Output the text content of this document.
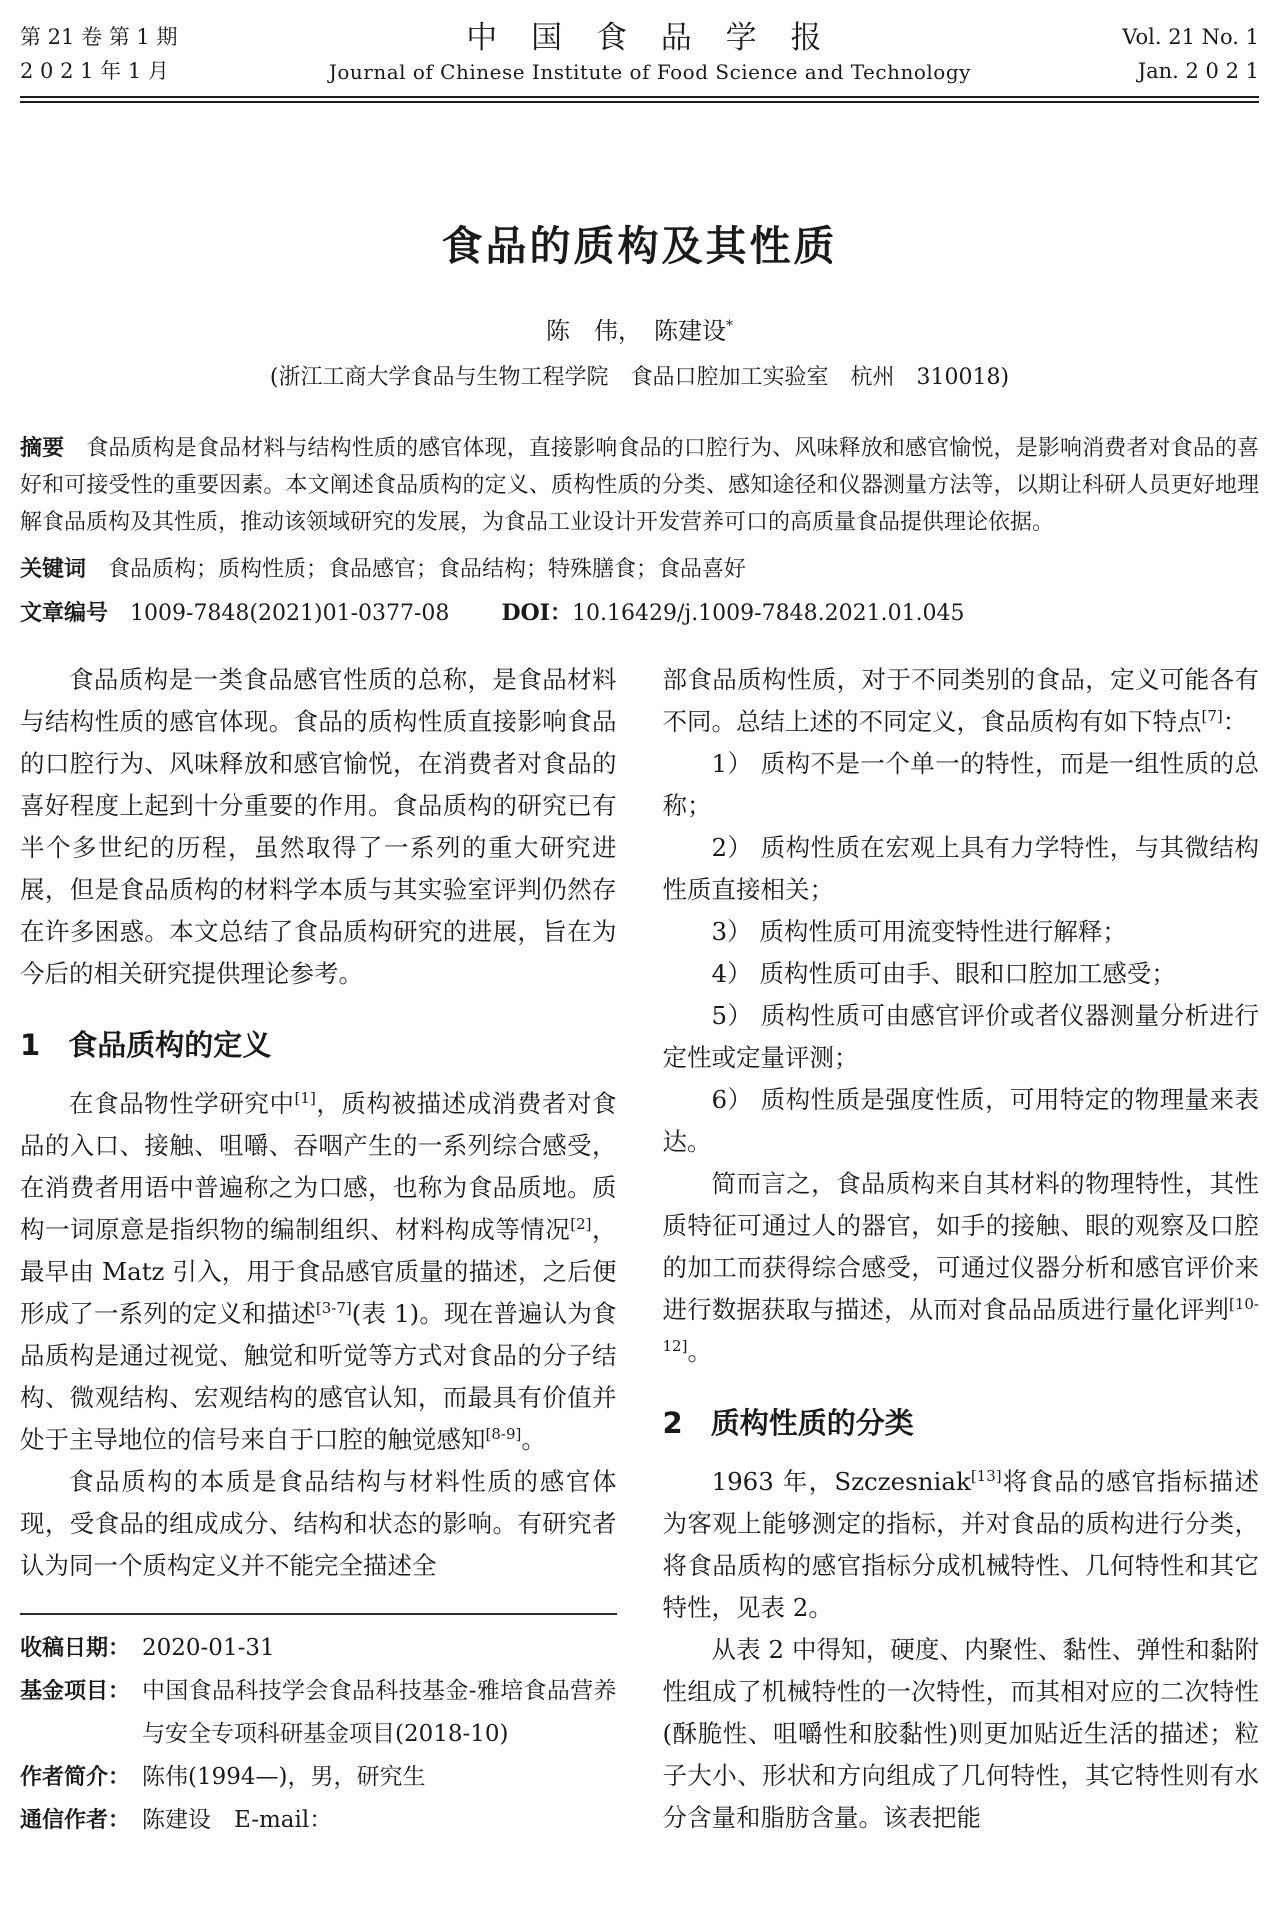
第 21 卷 第 1 期
2 0 2 1 年 1 月
中 国 食 品 学 报
Journal of Chinese Institute of Food Science and Technology
Vol. 21 No. 1
Jan. 2 0 2 1
食品的质构及其性质
陈　伟，　陈建设*
(浙江工商大学食品与生物工程学院　食品口腔加工实验室　杭州　310018)
摘要 食品质构是食品材料与结构性质的感官体现，直接影响食品的口腔行为、风味释放和感官愉悦，是影响消费者对食品的喜好和可接受性的重要因素。本文阐述食品质构的定义、质构性质的分类、感知途径和仪器测量方法等，以期让科研人员更好地理解食品质构及其性质，推动该领域研究的发展，为食品工业设计开发营养可口的高质量食品提供理论依据。
关键词 食品质构；质构性质；食品感官；食品结构；特殊膳食；食品喜好
文章编号 1009-7848(2021)01-0377-08 DOI：10.16429/j.1009-7848.2021.01.045

食品质构是一类食品感官性质的总称，是食品材料与结构性质的感官体现。食品的质构性质直接影响食品的口腔行为、风味释放和感官愉悦，在消费者对食品的喜好程度上起到十分重要的作用。食品质构的研究已有半个多世纪的历程，虽然取得了一系列的重大研究进展，但是食品质构的材料学本质与其实验室评判仍然存在许多困惑。本文总结了食品质构研究的进展，旨在为今后的相关研究提供理论参考。

1 食品质构的定义

在食品物性学研究中[1]，质构被描述成消费者对食品的入口、接触、咀嚼、吞咽产生的一系列综合感受，在消费者用语中普遍称之为口感，也称为食品质地。质构一词原意是指织物的编制组织、材料构成等情况[2]，最早由 Matz 引入，用于食品感官质量的描述，之后便形成了一系列的定义和描述[3-7](表 1)。现在普遍认为食品质构是通过视觉、触觉和听觉等方式对食品的分子结构、微观结构、宏观结构的感官认知，而最具有价值并处于主导地位的信号来自于口腔的触觉感知[8-9]。

食品质构的本质是食品结构与材料性质的感官体现，受食品的组成成分、结构和状态的影响。有研究者认为同一个质构定义并不能完全描述全

收稿日期： 2020-01-31
基金项目： 中国食品科技学会食品科技基金-雅培食品营养与安全专项科研基金项目(2018-10)
作者简介： 陈伟(1994—)，男，研究生
通信作者： 陈建设　E-mail：

部食品质构性质，对于不同类别的食品，定义可能各有不同。总结上述的不同定义，食品质构有如下特点[7]：

1） 质构不是一个单一的特性，而是一组性质的总称；

2） 质构性质在宏观上具有力学特性，与其微结构性质直接相关；

3） 质构性质可用流变特性进行解释；

4） 质构性质可由手、眼和口腔加工感受；

5） 质构性质可由感官评价或者仪器测量分析进行定性或定量评测；

6） 质构性质是强度性质，可用特定的物理量来表达。

简而言之，食品质构来自其材料的物理特性，其性质特征可通过人的器官，如手的接触、眼的观察及口腔的加工而获得综合感受，可通过仪器分析和感官评价来进行数据获取与描述，从而对食品品质进行量化评判[10-12]。

2 质构性质的分类

1963 年，Szczesniak[13]将食品的感官指标描述为客观上能够测定的指标，并对食品的质构进行分类，将食品质构的感官指标分成机械特性、几何特性和其它特性，见表 2。

从表 2 中得知，硬度、内聚性、黏性、弹性和黏附性组成了机械特性的一次特性，而其相对应的二次特性(酥脆性、咀嚼性和胶黏性)则更加贴近生活的描述；粒子大小、形状和方向组成了几何特性，其它特性则有水分含量和脂肪含量。该表把能
